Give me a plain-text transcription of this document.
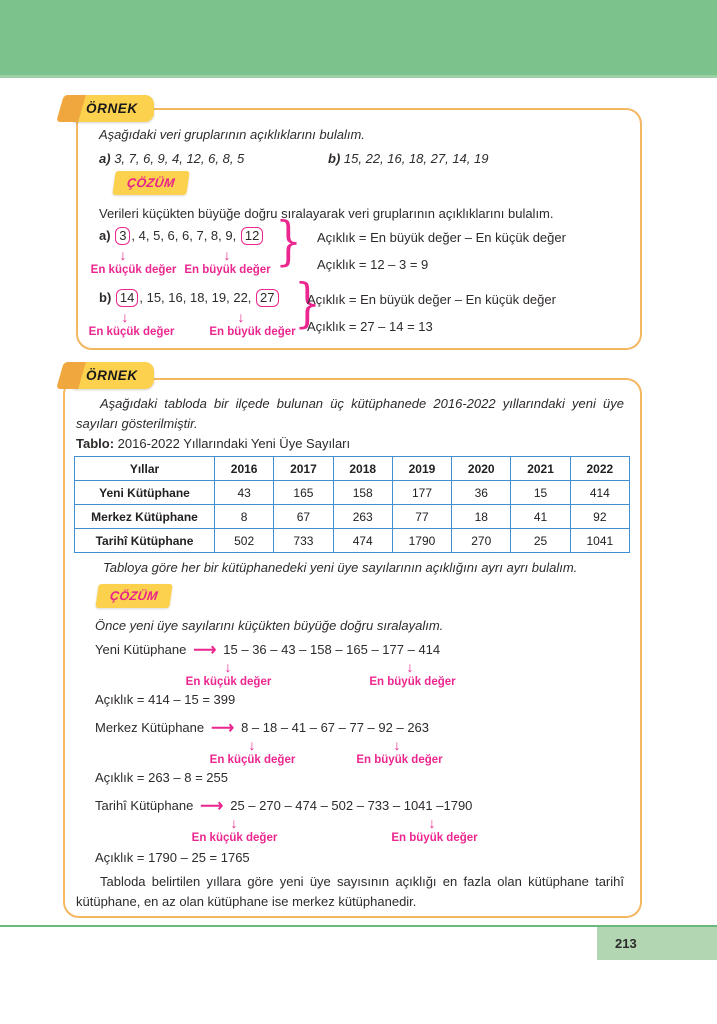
ÖRNEK
Aşağıdaki veri gruplarının açıklıklarını bulalım.
a) 3, 7, 6, 9, 4, 12, 6, 8, 5	b) 15, 22, 16, 18, 27, 14, 19
ÇÖZÜM
Verileri küçükten büyüğe doğru sıralayarak veri gruplarının açıklıklarını bulalım.
a) 3 , 4, 5, 6, 6, 7, 8, 9, 12
↓	↓
En küçük değer En büyük değer } Açıklık = En büyük değer – En küçük değer
Açıklık = 12 – 3 = 9
b) 14 , 15, 16, 18, 19, 22, 27
↓	↓
En küçük değer	En büyük değer
}
Açıklık = En büyük değer – En küçük değer
Açıklık = 27 – 14 = 13
ÖRNEK
Aşağıdaki tabloda bir ilçede bulunan üç kütüphanede 2016-2022 yıllarındaki yeni üye sayıları gösterilmiştir.
Tablo: 2016-2022 Yıllarındaki Yeni Üye Sayıları
Yıllar	2016	2017	2018	2019	2020	2021	2022
Yeni Kütüphane	43	165	158	177	36	15	414
Merkez Kütüphane	8	67	263	77	18	41	92
Tarihî Kütüphane	502	733	474	1790	270	25	1041
Tabloya göre her bir kütüphanedeki yeni üye sayılarının açıklığını ayrı ayrı bulalım.
ÇÖZÜM
Önce yeni üye sayılarını küçükten büyüğe doğru sıralayalım.
Yeni Kütüphane ⟶ 15 – 36 – 43 – 158 – 165 – 177 – 414
↓
En küçük değer
↓
En büyük değer
Açıklık = 414 – 15 = 399
Merkez Kütüphane ⟶ 8 – 18 – 41 – 67 – 77 – 92 – 263
↓
En küçük değer
↓
En büyük değer
Açıklık = 263 – 8 = 255
Tarihî Kütüphane ⟶ 25 – 270 – 474 – 502 – 733 – 1041 –1790
↓
En küçük değer
↓
En büyük değer
Açıklık = 1790 – 25 = 1765
Tabloda belirtilen yıllara göre yeni üye sayısının açıklığı en fazla olan kütüphane tarihî kütüphane, en az olan kütüphane ise merkez kütüphanedir.
213
